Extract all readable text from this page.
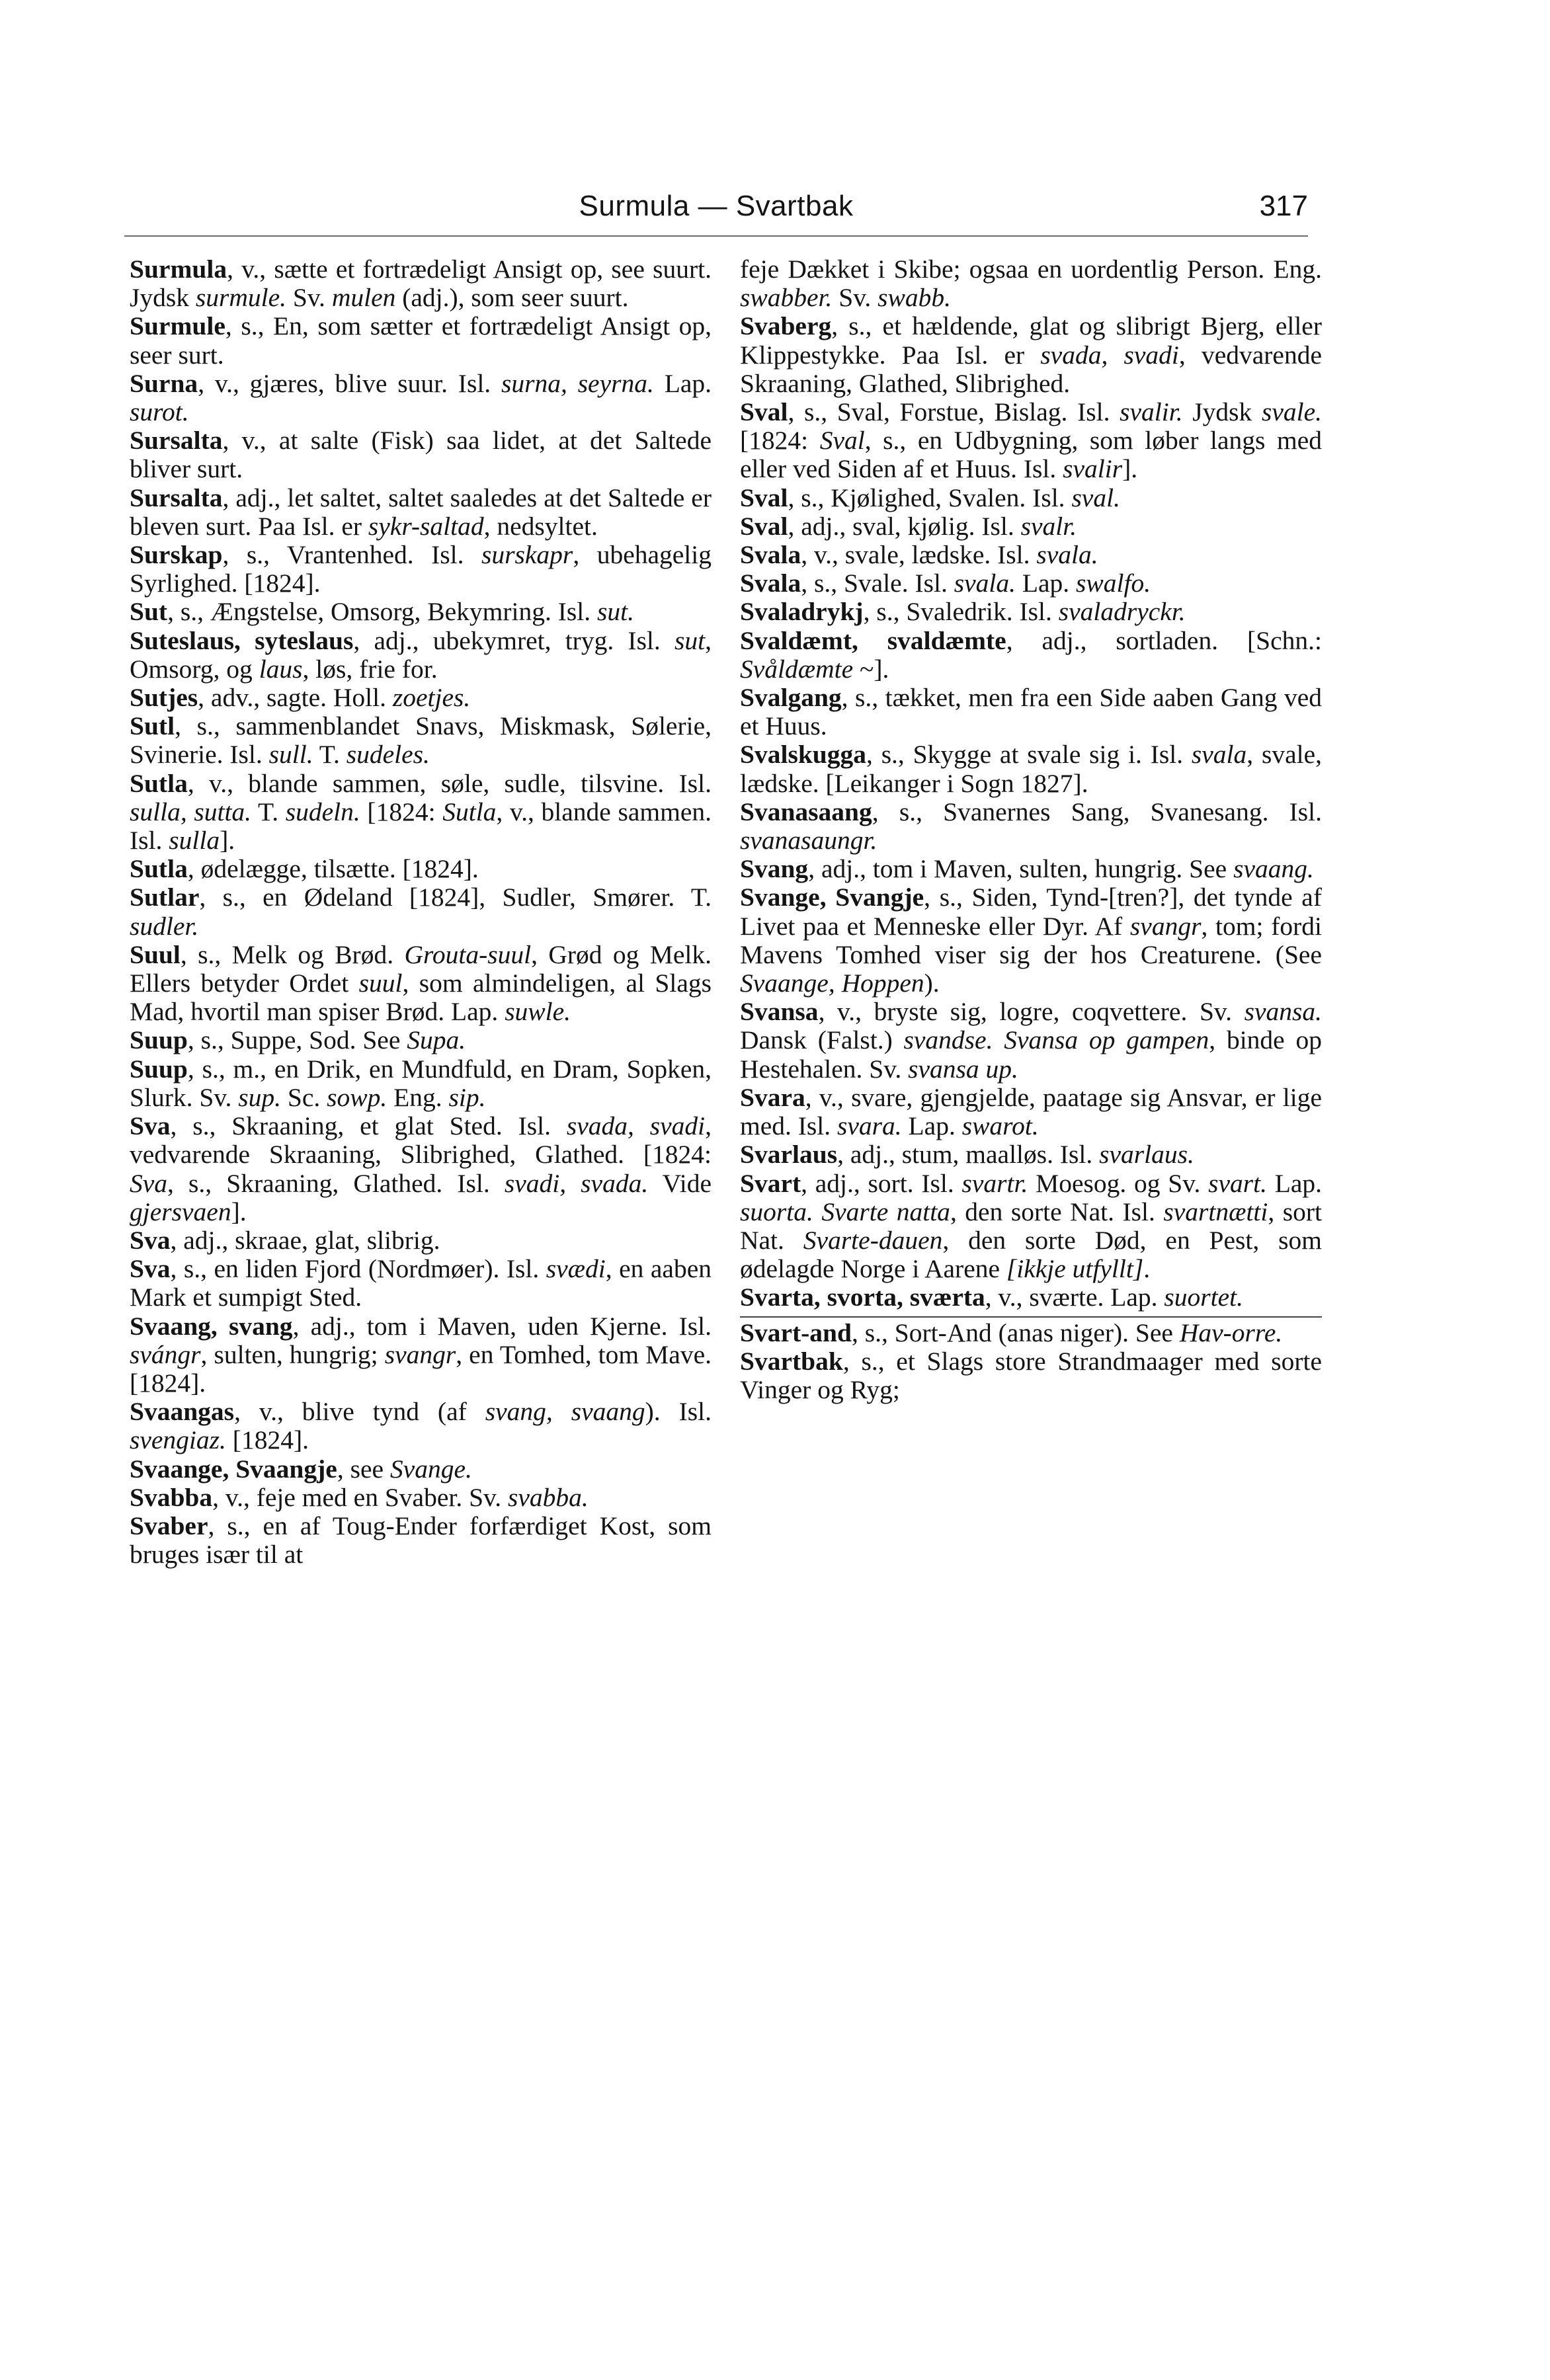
Surmula — Svartbak	317

Surmula, v., sætte et fortrædeligt Ansigt op, see suurt. Jydsk surmule. Sv. mulen (adj.), som seer suurt.

Surmule, s., En, som sætter et fortrædeligt Ansigt op, seer surt.

Surna, v., gjæres, blive suur. Isl. surna, seyrna. Lap. surot.

Sursalta, v., at salte (Fisk) saa lidet, at det Saltede bliver surt.

Sursalta, adj., let saltet, saltet saaledes at det Saltede er bleven surt. Paa Isl. er sykr-saltad, nedsyltet.

Surskap, s., Vrantenhed. Isl. surskapr, ubehagelig Syrlighed. [1824].

Sut, s., Ængstelse, Omsorg, Bekymring. Isl. sut.

Suteslaus, syteslaus, adj., ubekymret, tryg. Isl. sut, Omsorg, og laus, løs, frie for.

Sutjes, adv., sagte. Holl. zoetjes.

Sutl, s., sammenblandet Snavs, Miskmask, Sølerie, Svinerie. Isl. sull. T. sudeles.

Sutla, v., blande sammen, søle, sudle, tilsvine. Isl. sulla, sutta. T. sudeln. [1824: Sutla, v., blande sammen. Isl. sulla].

Sutla, ødelægge, tilsætte. [1824].

Sutlar, s., en Ødeland [1824], Sudler, Smører. T. sudler.

Suul, s., Melk og Brød. Grouta-suul, Grød og Melk. Ellers betyder Ordet suul, som almindeligen, al Slags Mad, hvortil man spiser Brød. Lap. suwle.

Suup, s., Suppe, Sod. See Supa.

Suup, s., m., en Drik, en Mundfuld, en Dram, Sopken, Slurk. Sv. sup. Sc. sowp. Eng. sip.

Sva, s., Skraaning, et glat Sted. Isl. svada, svadi, vedvarende Skraaning, Slibrighed, Glathed. [1824: Sva, s., Skraaning, Glathed. Isl. svadi, svada. Vide gjersvaen].

Sva, adj., skraae, glat, slibrig.

Sva, s., en liden Fjord (Nordmøer). Isl. svædi, en aaben Mark et sumpigt Sted.

Svaang, svang, adj., tom i Maven, uden Kjerne. Isl. svángr, sulten, hungrig; svangr, en Tomhed, tom Mave. [1824].

Svaangas, v., blive tynd (af svang, svaang). Isl. svengiaz. [1824].

Svaange, Svaangje, see Svange.

Svabba, v., feje med en Svaber. Sv. svabba.

Svaber, s., en af Toug-Ender forfærdiget Kost, som bruges især til at

feje Dækket i Skibe; ogsaa en uordentlig Person. Eng. swabber. Sv. swabb.

Svaberg, s., et hældende, glat og slibrigt Bjerg, eller Klippestykke. Paa Isl. er svada, svadi, vedvarende Skraaning, Glathed, Slibrighed.

Sval, s., Sval, Forstue, Bislag. Isl. svalir. Jydsk svale. [1824: Sval, s., en Udbygning, som løber langs med eller ved Siden af et Huus. Isl. svalir].

Sval, s., Kjølighed, Svalen. Isl. sval.

Sval, adj., sval, kjølig. Isl. svalr.

Svala, v., svale, lædske. Isl. svala.

Svala, s., Svale. Isl. svala. Lap. swalfo.

Svaladrykj, s., Svaledrik. Isl. svaladryckr.

Svaldæmt, svaldæmte, adj., sortladen. [Schn.: Svåldæmte ~].

Svalgang, s., tækket, men fra een Side aaben Gang ved et Huus.

Svalskugga, s., Skygge at svale sig i. Isl. svala, svale, lædske. [Leikanger i Sogn 1827].

Svanasaang, s., Svanernes Sang, Svanesang. Isl. svanasaungr.

Svang, adj., tom i Maven, sulten, hungrig. See svaang.

Svange, Svangje, s., Siden, Tynd-[tren?], det tynde af Livet paa et Menneske eller Dyr. Af svangr, tom; fordi Mavens Tomhed viser sig der hos Creaturene. (See Svaange, Hoppen).

Svansa, v., bryste sig, logre, coqvettere. Sv. svansa. Dansk (Falst.) svandse. Svansa op gampen, binde op Hestehalen. Sv. svansa up.

Svara, v., svare, gjengjelde, paatage sig Ansvar, er lige med. Isl. svara. Lap. swarot.

Svarlaus, adj., stum, maalløs. Isl. svarlaus.

Svart, adj., sort. Isl. svartr. Moesog. og Sv. svart. Lap. suorta. Svarte natta, den sorte Nat. Isl. svartnætti, sort Nat. Svarte-dauen, den sorte Død, en Pest, som ødelagde Norge i Aarene [ikkje utfyllt].

Svarta, svorta, sværta, v., sværte. Lap. suortet.

Svart-and, s., Sort-And (anas niger). See Hav-orre.

Svartbak, s., et Slags store Strandmaager med sorte Vinger og Ryg;
